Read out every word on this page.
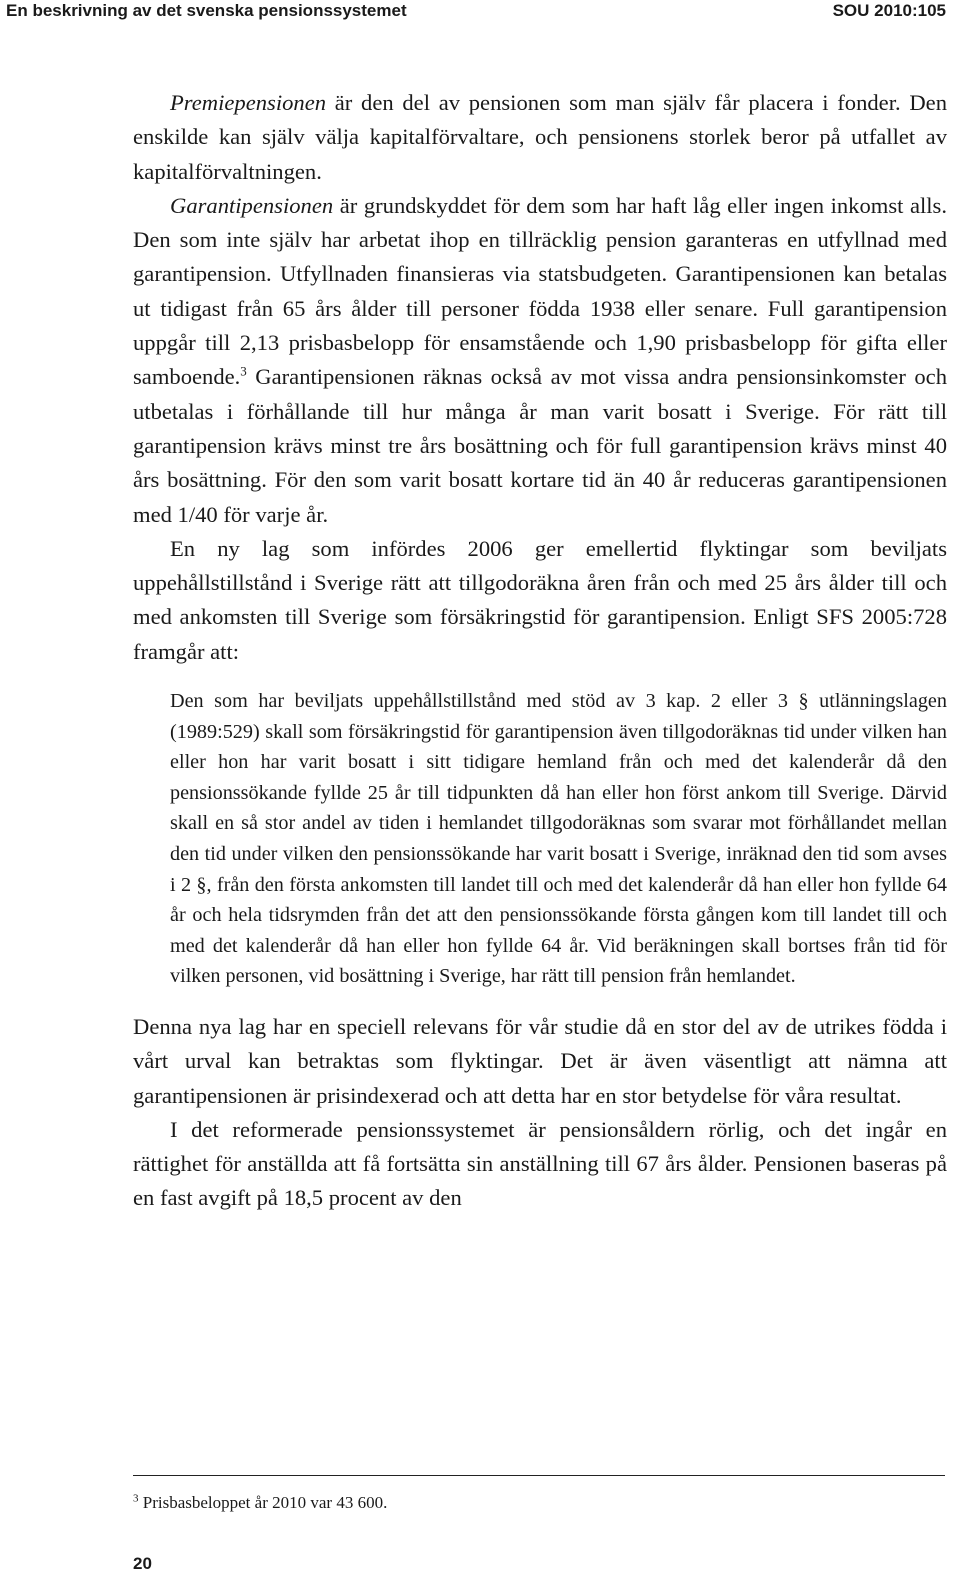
En beskrivning av det svenska pensionssystemet	SOU 2010:105

Premiepensionen är den del av pensionen som man själv får placera i fonder. Den enskilde kan själv välja kapitalförvaltare, och pensionens storlek beror på utfallet av kapitalförvaltningen.

Garantipensionen är grundskyddet för dem som har haft låg eller ingen inkomst alls. Den som inte själv har arbetat ihop en tillräcklig pension garanteras en utfyllnad med garantipension. Utfyllnaden finansieras via statsbudgeten. Garantipensionen kan betalas ut tidigast från 65 års ålder till personer födda 1938 eller senare. Full garantipension uppgår till 2,13 prisbasbelopp för ensamstående och 1,90 prisbasbelopp för gifta eller samboende.$^3$ Garantipensionen räknas också av mot vissa andra pensionsinkomster och utbetalas i förhållande till hur många år man varit bosatt i Sverige. För rätt till garantipension krävs minst tre års bosättning och för full garantipension krävs minst 40 års bosättning. För den som varit bosatt kortare tid än 40 år reduceras garantipensionen med 1/40 för varje år.

En ny lag som infördes 2006 ger emellertid flyktingar som beviljats uppehållstillstånd i Sverige rätt att tillgodoräkna åren från och med 25 års ålder till och med ankomsten till Sverige som försäkringstid för garantipension. Enligt SFS 2005:728 framgår att:

Den som har beviljats uppehållstillstånd med stöd av 3 kap. 2 eller 3 § utlänningslagen (1989:529) skall som försäkringstid för garantipension även tillgodoräknas tid under vilken han eller hon har varit bosatt i sitt tidigare hemland från och med det kalenderår då den pensionssökande fyllde 25 år till tidpunkten då han eller hon först ankom till Sverige. Därvid skall en så stor andel av tiden i hemlandet tillgodoräknas som svarar mot förhållandet mellan den tid under vilken den pensionssökande har varit bosatt i Sverige, inräknad den tid som avses i 2 §, från den första ankomsten till landet till och med det kalenderår då han eller hon fyllde 64 år och hela tidsrymden från det att den pensionssökande första gången kom till landet till och med det kalenderår då han eller hon fyllde 64 år. Vid beräkningen skall bortses från tid för vilken personen, vid bosättning i Sverige, har rätt till pension från hemlandet.

Denna nya lag har en speciell relevans för vår studie då en stor del av de utrikes födda i vårt urval kan betraktas som flyktingar. Det är även väsentligt att nämna att garantipensionen är prisindexerad och att detta har en stor betydelse för våra resultat.

I det reformerade pensionssystemet är pensionsåldern rörlig, och det ingår en rättighet för anställda att få fortsätta sin anställning till 67 års ålder. Pensionen baseras på en fast avgift på 18,5 procent av den

$^3$ Prisbasbeloppet år 2010 var 43 600.
20
